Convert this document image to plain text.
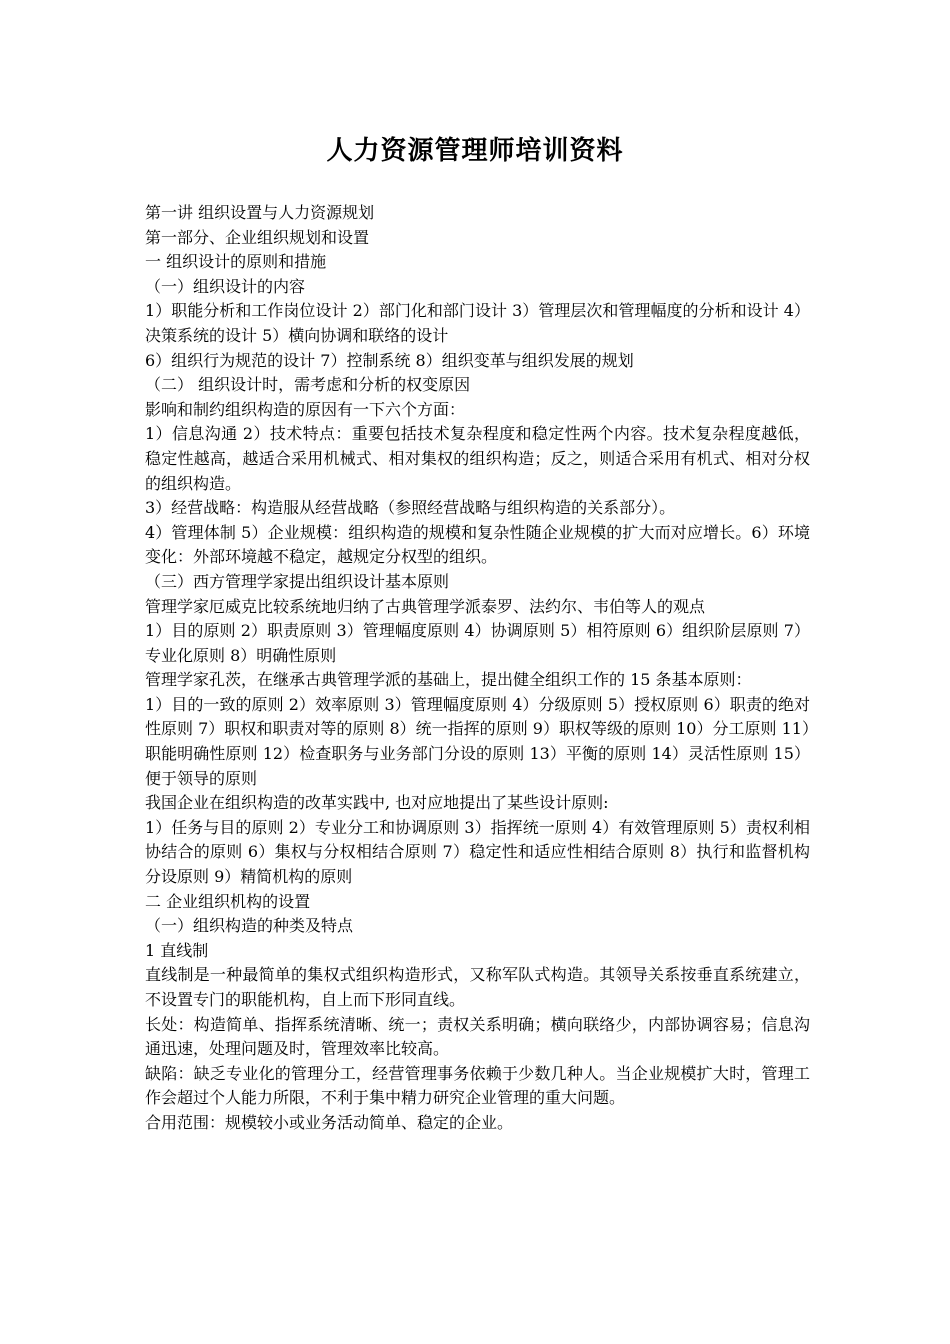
人力资源管理师培训资料

第一讲 组织设置与人力资源规划

第一部分、企业组织规划和设置

一 组织设计的原则和措施

（一）组织设计的内容

1）职能分析和工作岗位设计 2）部门化和部门设计 3）管理层次和管理幅度的分析和设计 4）决策系统的设计 5）横向协调和联络的设计

6）组织行为规范的设计 7）控制系统 8）组织变革与组织发展的规划

（二） 组织设计时，需考虑和分析的权变原因

影响和制约组织构造的原因有一下六个方面：

1）信息沟通 2）技术特点：重要包括技术复杂程度和稳定性两个内容。技术复杂程度越低，稳定性越高，越适合采用机械式、相对集权的组织构造；反之，则适合采用有机式、相对分权的组织构造。

3）经营战略：构造服从经营战略（参照经营战略与组织构造的关系部分）。

4）管理体制 5）企业规模：组织构造的规模和复杂性随企业规模的扩大而对应增长。6）环境变化：外部环境越不稳定，越规定分权型的组织。

（三）西方管理学家提出组织设计基本原则

管理学家厄威克比较系统地归纳了古典管理学派泰罗、法约尔、韦伯等人的观点

1）目的原则 2）职责原则 3）管理幅度原则 4）协调原则 5）相符原则 6）组织阶层原则 7）专业化原则 8）明确性原则

管理学家孔茨，在继承古典管理学派的基础上，提出健全组织工作的 15 条基本原则：

1）目的一致的原则 2）效率原则 3）管理幅度原则 4）分级原则 5）授权原则 6）职责的绝对性原则 7）职权和职责对等的原则 8）统一指挥的原则 9）职权等级的原则 10）分工原则 11）职能明确性原则 12）检查职务与业务部门分设的原则 13）平衡的原则 14）灵活性原则 15）便于领导的原则

我国企业在组织构造的改革实践中, 也对应地提出了某些设计原则:

1）任务与目的原则 2）专业分工和协调原则 3）指挥统一原则 4）有效管理原则 5）责权利相协结合的原则 6）集权与分权相结合原则 7）稳定性和适应性相结合原则 8）执行和监督机构分设原则 9）精简机构的原则

二 企业组织机构的设置

（一）组织构造的种类及特点

1 直线制

直线制是一种最简单的集权式组织构造形式，又称军队式构造。其领导关系按垂直系统建立，不设置专门的职能机构，自上而下形同直线。

长处：构造简单、指挥系统清晰、统一；责权关系明确；横向联络少，内部协调容易；信息沟通迅速，处理问题及时，管理效率比较高。

缺陷：缺乏专业化的管理分工，经营管理事务依赖于少数几种人。当企业规模扩大时，管理工作会超过个人能力所限，不利于集中精力研究企业管理的重大问题。

合用范围：规模较小或业务活动简单、稳定的企业。
